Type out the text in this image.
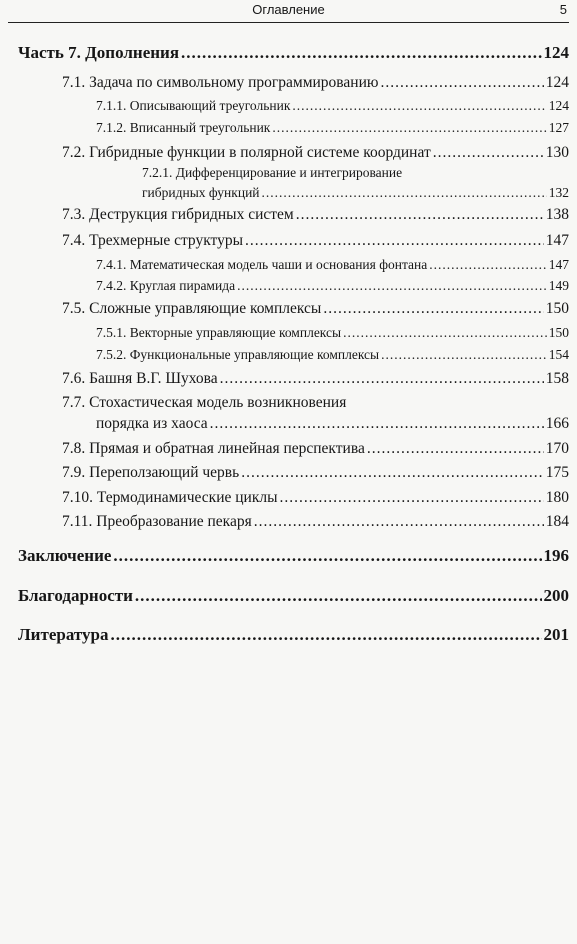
Оглавление	5
Часть 7. Дополнения .....	124
7.1. Задача по символьному программированию .....	124
7.1.1. Описывающий треугольник .....	124
7.1.2. Вписанный треугольник .....	127
7.2. Гибридные функции в полярной системе координат .....	130
7.2.1. Дифференцирование и интегрирование
гибридных функций .....	132
7.3. Деструкция гибридных систем .....	138
7.4. Трехмерные структуры .....	147
7.4.1. Математическая модель чаши и основания фонтана .....	147
7.4.2. Круглая пирамида .....	149
7.5. Сложные управляющие комплексы .....	150
7.5.1. Векторные управляющие комплексы .....	150
7.5.2. Функциональные управляющие комплексы .....	154
7.6. Башня В.Г. Шухова .....	158
7.7. Стохастическая модель возникновения
порядка из хаоса .....	166
7.8. Прямая и обратная линейная перспектива .....	170
7.9. Переползающий червь .....	175
7.10. Термодинамические циклы .....	180
7.11. Преобразование пекаря .....	184
Заключение .....	196
Благодарности .....	200
Литература .....	201
